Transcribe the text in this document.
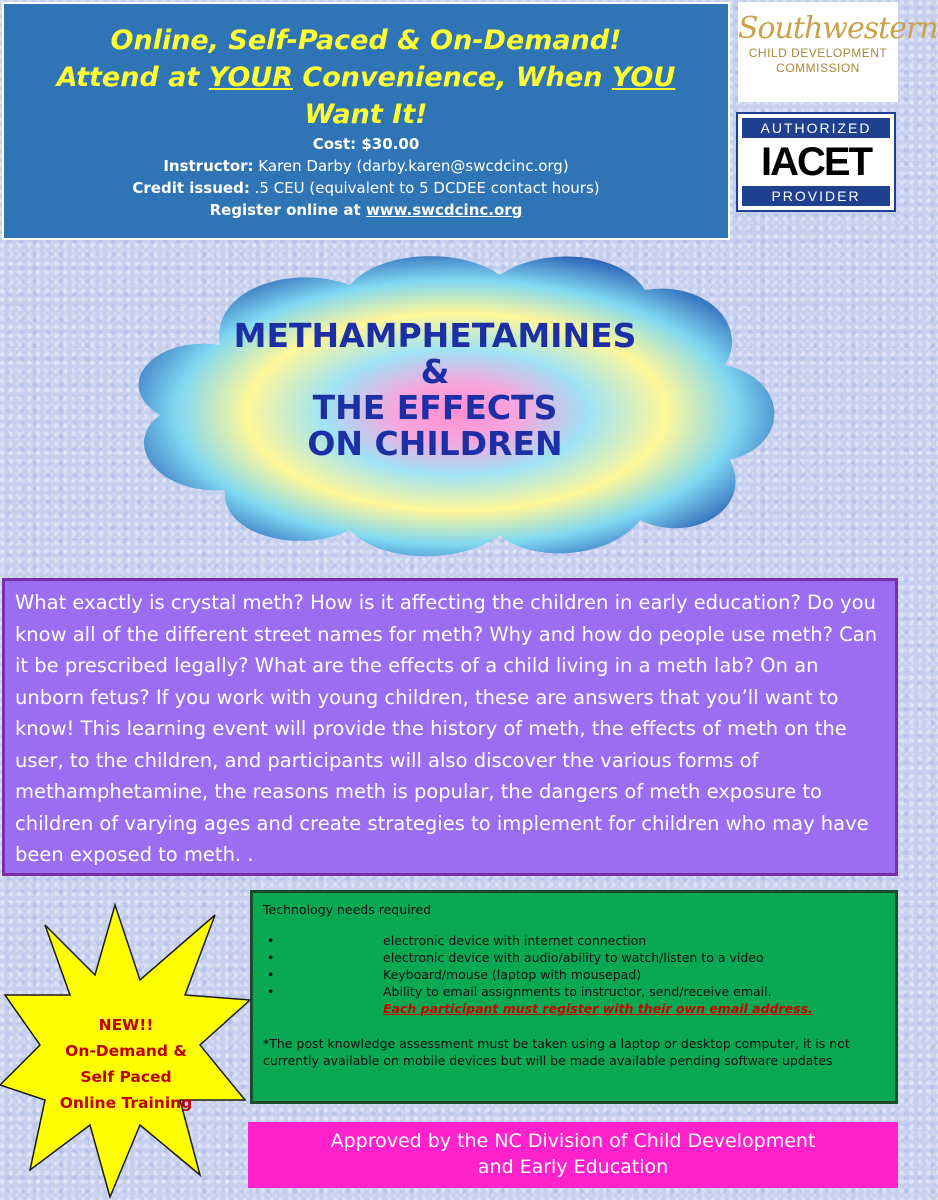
Online, Self-Paced & On-Demand!

Attend at YOUR Convenience, When YOU

Want It!

Cost: $30.00

Instructor: Karen Darby (darby.karen@swcdcinc.org)

Credit issued: .5 CEU (equivalent to 5 DCDEE contact hours)

Register online at www.swcdcinc.org

Southwestern
CHILD DEVELOPMENT
COMMISSION
AUTHORIZED
IACET
PROVIDER
METHAMPHETAMINES
&
THE EFFECTS
ON CHILDREN

What exactly is crystal meth? How is it affecting the children in early education? Do you know all of the different street names for meth? Why and how do people use meth? Can it be prescribed legally? What are the effects of a child living in a meth lab? On an unborn fetus? If you work with young children, these are answers that you’ll want to know! This learning event will provide the history of meth, the effects of meth on the user, to the children, and participants will also discover the various forms of methamphetamine, the reasons meth is popular, the dangers of meth exposure to children of varying ages and create strategies to implement for children who may have been exposed to meth. .

NEW!!
On-Demand &
Self Paced
Online Training

Technology needs required

•	electronic device with internet connection
•	electronic device with audio/ability to watch/listen to a video
•	Keyboard/mouse (laptop with mousepad)
•	Ability to email assignments to instructor, send/receive email.
Each participant must register with their own email address.

*The post knowledge assessment must be taken using a laptop or desktop computer, it is not currently available on mobile devices but will be made available pending software updates

Approved by the NC Division of Child Development
and Early Education
